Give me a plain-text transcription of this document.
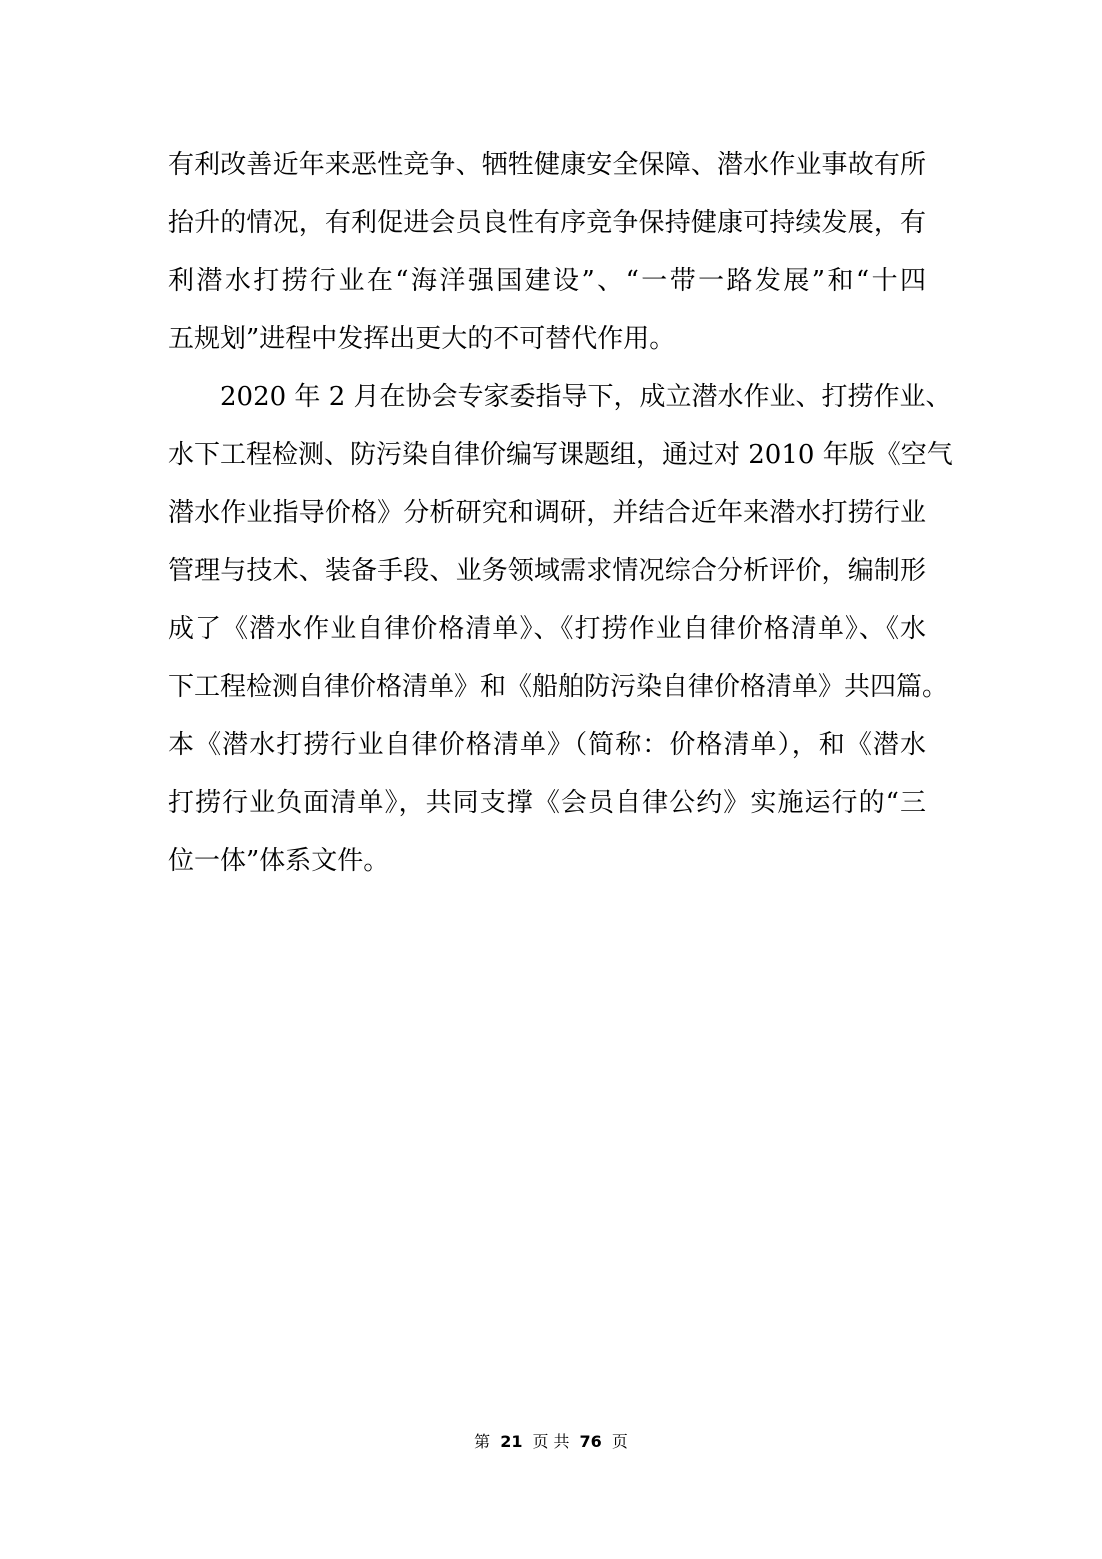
有利改善近年来恶性竞争、牺牲健康安全保障、潜水作业事故有所
抬升的情况，有利促进会员良性有序竞争保持健康可持续发展，有
利潜水打捞行业在“海洋强国建设”、“一带一路发展”和“十四
五规划”进程中发挥出更大的不可替代作用。
2020 年 2 月在协会专家委指导下，成立潜水作业、打捞作业、
水下工程检测、防污染自律价编写课题组，通过对 2010 年版《空气
潜水作业指导价格》分析研究和调研，并结合近年来潜水打捞行业
管理与技术、装备手段、业务领域需求情况综合分析评价，编制形
成了《潜水作业自律价格清单》、《打捞作业自律价格清单》、《水
下工程检测自律价格清单》和《船舶防污染自律价格清单》共四篇。
本《潜水打捞行业自律价格清单》（简称：价格清单），和《潜水
打捞行业负面清单》，共同支撑《会员自律公约》实施运行的“三
位一体”体系文件。
第 21 页 共 76 页
